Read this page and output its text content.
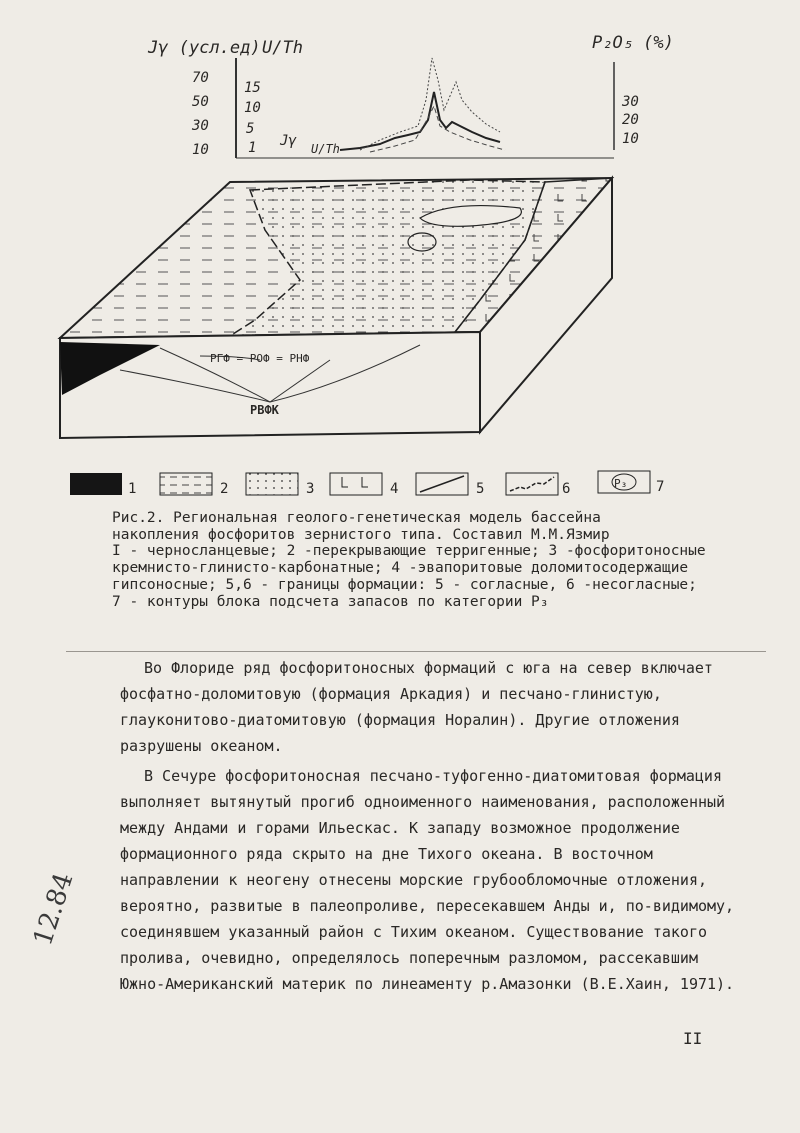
Jγ (усл.ед) U/Th	P₂O₅ (%)
70
50
30
10
15
10
5
1
30
20
10
Jγ U/Th
РГФ = РОФ = РНФ
РВФК
1	2	3	4	5	6	P₃ 7
Рис.2. Региональная геолого-генетическая модель бассейна
накопления фосфоритов зернистого типа. Составил М.М.Язмир
I - черносланцевые; 2 -перекрывающие терригенные; 3 -фосфоритоносные кремнисто-глинисто-карбонатные; 4 -эвапоритовые доломитосодержащие гипсоносные; 5,6 - границы формации: 5 - согласные, 6 -несогласные; 7 - контуры блока подсчета запасов по категории P₃
Во Флориде ряд фосфоритоносных формаций с юга на север включает фосфатно-доломитовую (формация Аркадия) и песчано-глинистую, глауконитово-диатомитовую (формация Норалин). Другие отложения разрушены океаном.
В Сечуре фосфоритоносная песчано-туфогенно-диатомитовая формация выполняет вытянутый прогиб одноименного наименования, расположенный между Андами и горами Ильескас. К западу возможное продолжение формационного ряда скрыто на дне Тихого океана. В восточном направлении к неогену отнесены морские грубообломочные отложения, вероятно, развитые в палеопроливе, пересекавшем Анды и, по-видимому, соединявшем указанный район с Тихим океаном. Существование такого пролива, очевидно, определялось поперечным разломом, рассекавшим Южно-Американский материк по линеаменту р.Амазонки (В.Е.Хаин, 1971).
II
12.84
